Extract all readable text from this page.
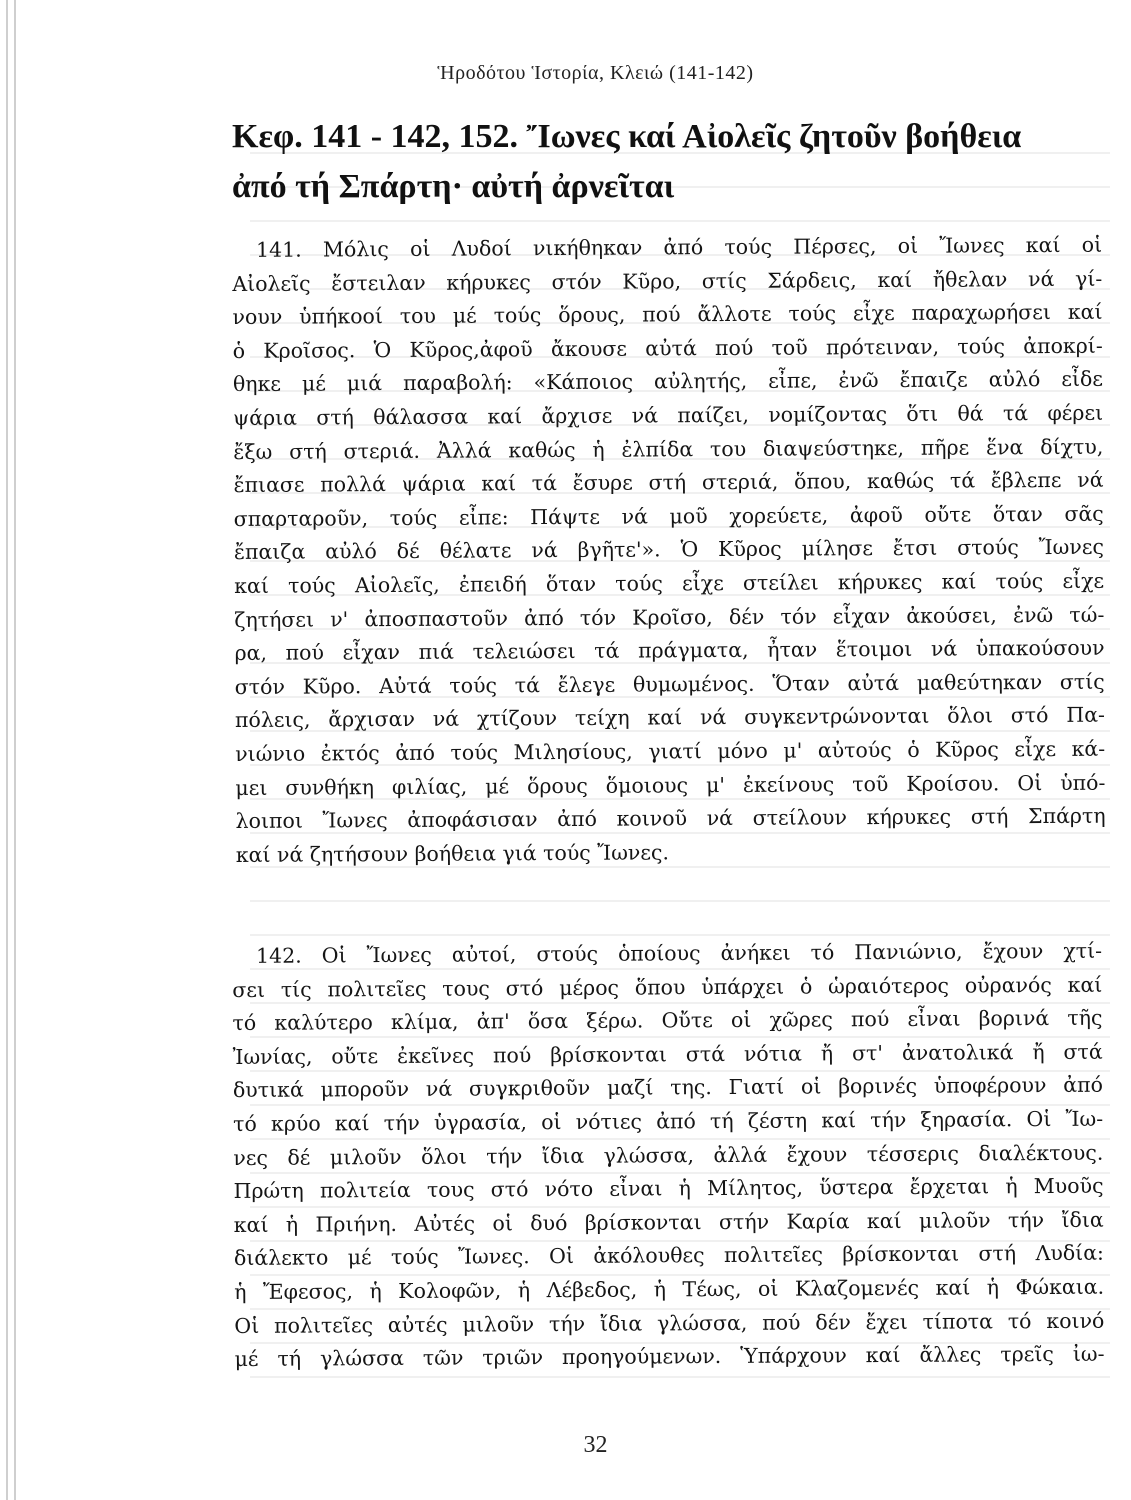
Ἡροδότου Ἱστορία, Κλειώ (141-142)
Κεφ. 141 - 142, 152. Ἴωνες καί Αἰολεῖς ζητοῦν βοήθεια
ἀπό τή Σπάρτη· αὐτή ἀρνεῖται
141. Μόλις οἱ Λυδοί νικήθηκαν ἀπό τούς Πέρσες, οἱ Ἴωνες καί οἱ
Αἰολεῖς ἔστειλαν κήρυκες στόν Κῦρο, στίς Σάρδεις, καί ἤθελαν νά γί-
νουν ὑπήκοοί του μέ τούς ὅρους, πού ἄλλοτε τούς εἶχε παραχωρήσει καί
ὁ Κροῖσος. Ὁ Κῦρος,ἀφοῦ ἄκουσε αὐτά πού τοῦ πρότειναν, τούς ἀποκρί-
θηκε μέ μιά παραβολή: «Κάποιος αὐλητής, εἶπε, ἐνῶ ἔπαιζε αὐλό εἶδε
ψάρια στή θάλασσα καί ἄρχισε νά παίζει, νομίζοντας ὅτι θά τά φέρει
ἔξω στή στεριά. Ἀλλά καθώς ἡ ἐλπίδα του διαψεύστηκε, πῆρε ἕνα δίχτυ,
ἔπιασε πολλά ψάρια καί τά ἔσυρε στή στεριά, ὅπου, καθώς τά ἔβλεπε νά
σπαρταροῦν, τούς εἶπε: Πάψτε νά μοῦ χορεύετε, ἀφοῦ οὔτε ὅταν σᾶς
ἔπαιζα αὐλό δέ θέλατε νά βγῆτε'». Ὁ Κῦρος μίλησε ἔτσι στούς Ἴωνες
καί τούς Αἰολεῖς, ἐπειδή ὅταν τούς εἶχε στείλει κήρυκες καί τούς εἶχε
ζητήσει ν' ἀποσπαστοῦν ἀπό τόν Κροῖσο, δέν τόν εἶχαν ἀκούσει, ἐνῶ τώ-
ρα, πού εἶχαν πιά τελειώσει τά πράγματα, ἦταν ἕτοιμοι νά ὑπακούσουν
στόν Κῦρο. Αὐτά τούς τά ἔλεγε θυμωμένος. Ὅταν αὐτά μαθεύτηκαν στίς
πόλεις, ἄρχισαν νά χτίζουν τείχη καί νά συγκεντρώνονται ὅλοι στό Πα-
νιώνιο ἐκτός ἀπό τούς Μιλησίους, γιατί μόνο μ' αὐτούς ὁ Κῦρος εἶχε κά-
μει συνθήκη φιλίας, μέ ὅρους ὅμοιους μ' ἐκείνους τοῦ Κροίσου. Οἱ ὑπό-
λοιποι Ἴωνες ἀποφάσισαν ἀπό κοινοῦ νά στείλουν κήρυκες στή Σπάρτη
καί νά ζητήσουν βοήθεια γιά τούς Ἴωνες.
142. Οἱ Ἴωνες αὐτοί, στούς ὁποίους ἀνήκει τό Πανιώνιο, ἔχουν χτί-
σει τίς πολιτεῖες τους στό μέρος ὅπου ὑπάρχει ὁ ὡραιότερος οὐρανός καί
τό καλύτερο κλίμα, ἀπ' ὅσα ξέρω. Οὔτε οἱ χῶρες πού εἶναι βορινά τῆς
Ἰωνίας, οὔτε ἐκεῖνες πού βρίσκονται στά νότια ἤ στ' ἀνατολικά ἤ στά
δυτικά μποροῦν νά συγκριθοῦν μαζί της. Γιατί οἱ βορινές ὑποφέρουν ἀπό
τό κρύο καί τήν ὑγρασία, οἱ νότιες ἀπό τή ζέστη καί τήν ξηρασία. Οἱ Ἴω-
νες δέ μιλοῦν ὅλοι τήν ἴδια γλώσσα, ἀλλά ἔχουν τέσσερις διαλέκτους.
Πρώτη πολιτεία τους στό νότο εἶναι ἡ Μίλητος, ὕστερα ἔρχεται ἡ Μυοῦς
καί ἡ Πριήνη. Αὐτές οἱ δυό βρίσκονται στήν Καρία καί μιλοῦν τήν ἴδια
διάλεκτο μέ τούς Ἴωνες. Οἱ ἀκόλουθες πολιτεῖες βρίσκονται στή Λυδία:
ἡ Ἔφεσος, ἡ Κολοφῶν, ἡ Λέβεδος, ἡ Τέως, οἱ Κλαζομενές καί ἡ Φώκαια.
Οἱ πολιτεῖες αὐτές μιλοῦν τήν ἴδια γλώσσα, πού δέν ἔχει τίποτα τό κοινό
μέ τή γλώσσα τῶν τριῶν προηγούμενων. Ὑπάρχουν καί ἄλλες τρεῖς ἰω-
32
